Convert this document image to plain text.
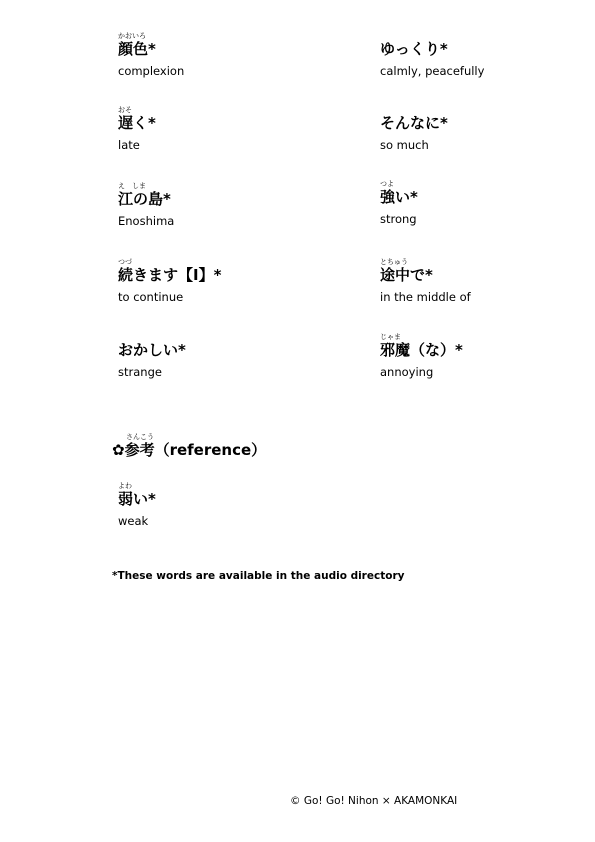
かおいろ
顔色*
complexion
おそ
遅く*
late
え　しま
江の島*
Enoshima
つづ
続きます【Ⅰ】*
to continue
おかしい*
strange
ゆっくり*
calmly, peacefully
そんなに*
so much
つよ
強い*
strong
とちゅう
途中で*
in the middle of
じゃま
邪魔（な）*
annoying
さんこう
✿参考（reference）
よわ
弱い*
weak
*These words are available in the audio directory
© Go! Go! Nihon × AKAMONKAI
